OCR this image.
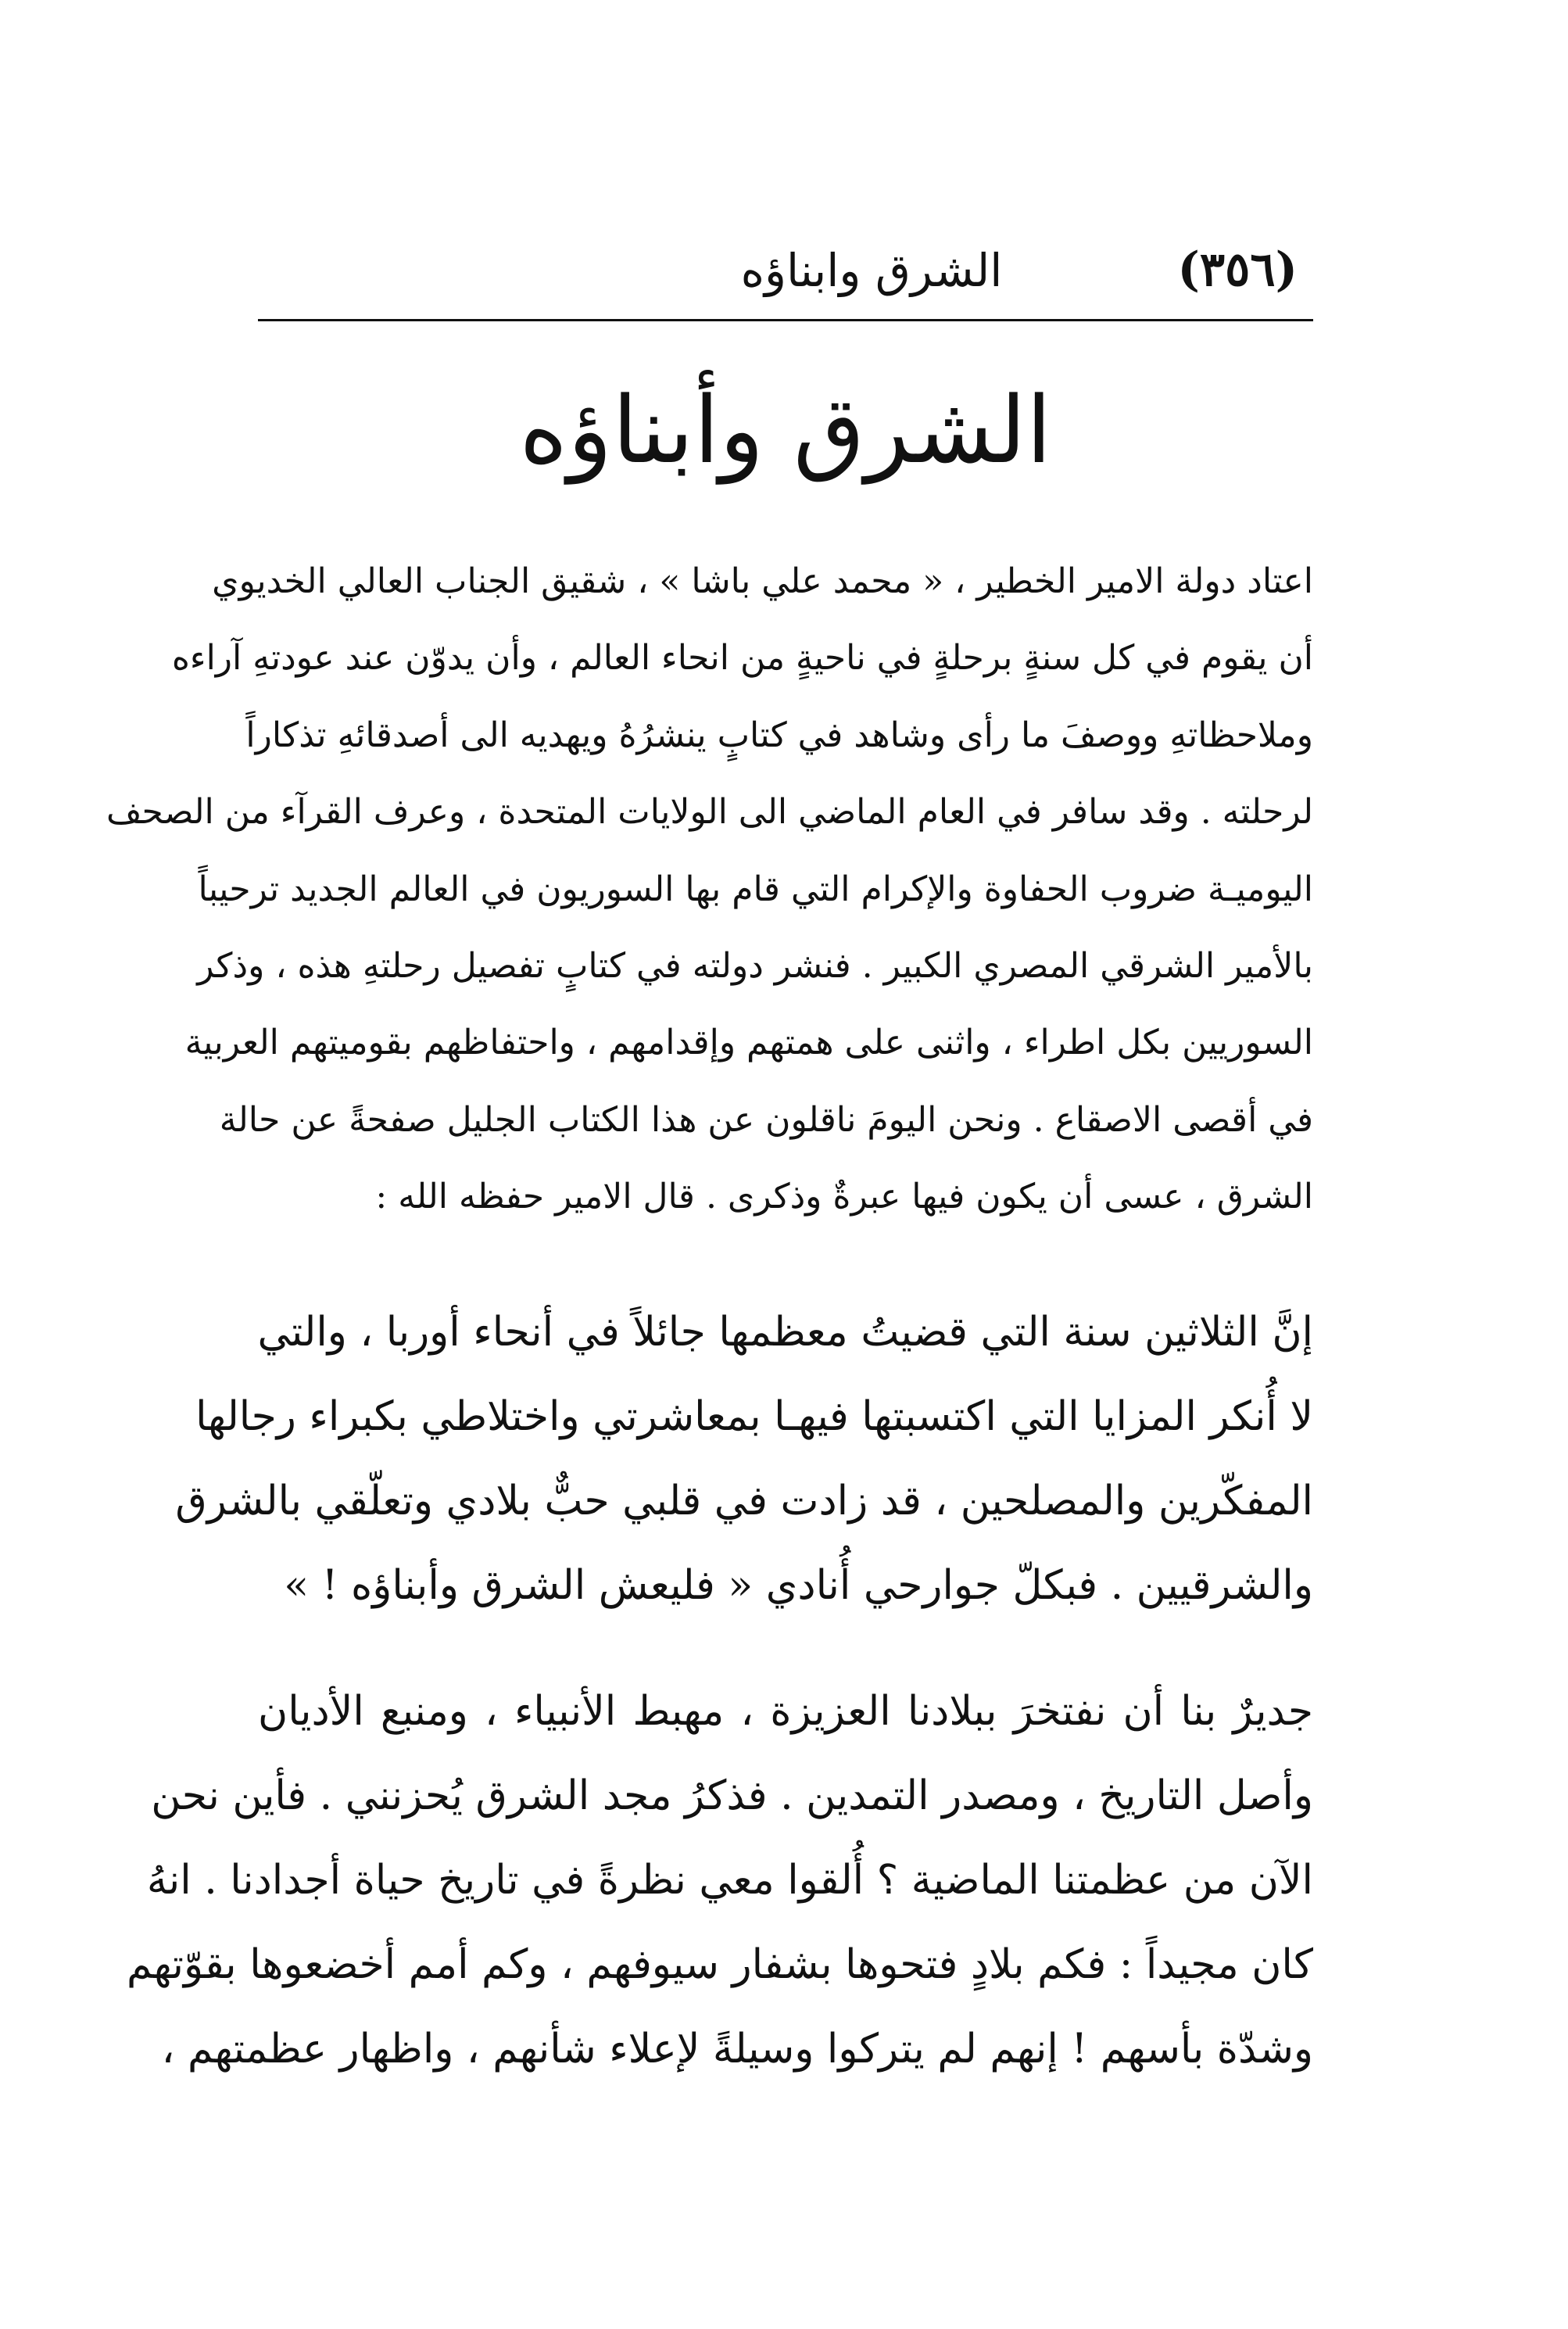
(٣٥٦)
الشرق وابناؤه
الشرق وأبناؤه
اعتاد دولة الامير الخطير ، « محمد علي باشا » ، شقيق الجناب العالي الخديوي
أن يقوم في كل سنةٍ برحلةٍ في ناحيةٍ من انحاء العالم ، وأن يدوّن عند عودتهِ آراءه
وملاحظاتهِ ووصفَ ما رأى وشاهد في كتابٍ ينشرُهُ ويهديه الى أصدقائهِ تذكاراً
لرحلته . وقد سافر في العام الماضي الى الولايات المتحدة ، وعرف القرآء من الصحف
اليوميـة ضروب الحفاوة والإكرام التي قام بها السوريون في العالم الجديد ترحيباً
بالأمير الشرقي المصري الكبير . فنشر دولته في كتابٍ تفصيل رحلتهِ هذه ، وذكر
السوريين بكل اطراء ، واثنى على همتهم وإقدامهم ، واحتفاظهم بقوميتهم العربية
في أقصى الاصقاع . ونحن اليومَ ناقلون عن هذا الكتاب الجليل صفحةً عن حالة
الشرق ، عسى أن يكون فيها عبرةٌ وذكرى . قال الامير حفظه الله :
إنَّ الثلاثين سنة التي قضيتُ معظمها جائلاً في أنحاء أوربا ، والتي
لا أُنكر المزايا التي اكتسبتها فيهـا بمعاشرتي واختلاطي بكبراء رجالها
المفكّرين والمصلحين ، قد زادت في قلبي حبٌّ بلادي وتعلّقي بالشرق
والشرقيين . فبكلّ جوارحي أُنادي « فليعش الشرق وأبناؤه ! »
جديرٌ بنا أن نفتخرَ ببلادنا العزيزة ، مهبط الأنبياء ، ومنبع الأديان
وأصل التاريخ ، ومصدر التمدين . فذكرُ مجد الشرق يُحزنني . فأين نحن
الآن من عظمتنا الماضية ؟ أُلقوا معي نظرةً في تاريخ حياة أجدادنا . انهُ
كان مجيداً : فكم بلادٍ فتحوها بشفار سيوفهم ، وكم أمم أخضعوها بقوّتهم
وشدّة بأسهم ! إنهم لم يتركوا وسيلةً لإعلاء شأنهم ، واظهار عظمتهم ،
